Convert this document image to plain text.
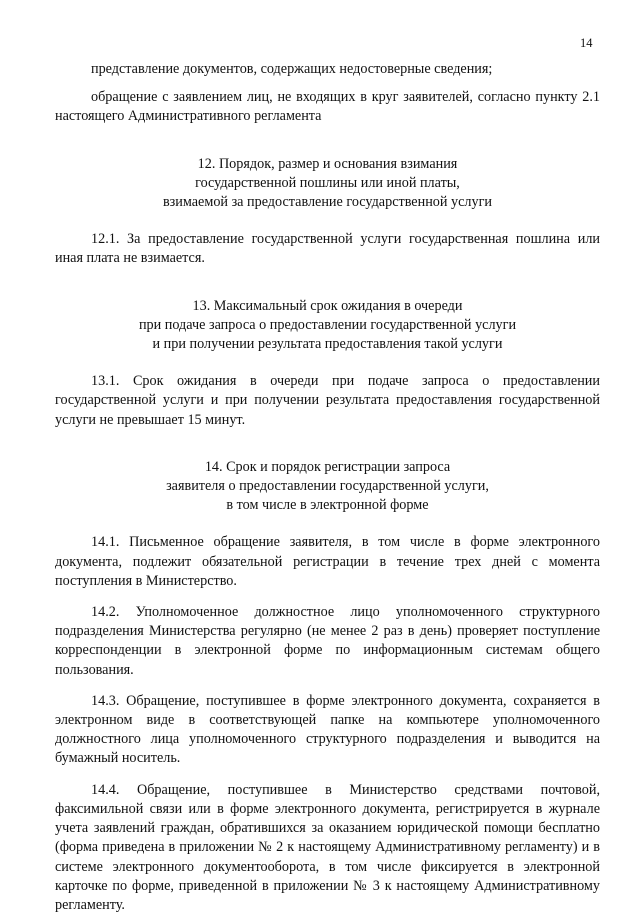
14

представление документов, содержащих недостоверные сведения;

обращение с заявлением лиц, не входящих в круг заявителей, согласно пункту 2.1 настоящего Административного регламента

12. Порядок, размер и основания взимания
государственной пошлины или иной платы,
взимаемой за предоставление государственной услуги

12.1. За предоставление государственной услуги государственная пошлина или иная плата не взимается.

13. Максимальный срок ожидания в очереди
при подаче запроса о предоставлении государственной услуги
и при получении результата предоставления такой услуги

13.1. Срок ожидания в очереди при подаче запроса о предоставлении государственной услуги и при получении результата предоставления государственной услуги не превышает 15 минут.

14. Срок и порядок регистрации запроса
заявителя о предоставлении государственной услуги,
в том числе в электронной форме

14.1. Письменное обращение заявителя, в том числе в форме электронного документа, подлежит обязательной регистрации в течение трех дней с момента поступления в Министерство.

14.2. Уполномоченное должностное лицо уполномоченного структурного подразделения Министерства регулярно (не менее 2 раз в день) проверяет поступление корреспонденции в электронной форме по информационным системам общего пользования.

14.3. Обращение, поступившее в форме электронного документа, сохраняется в электронном виде в соответствующей папке на компьютере уполномоченного должностного лица уполномоченного структурного подразделения и выводится на бумажный носитель.

14.4. Обращение, поступившее в Министерство средствами почтовой, факсимильной связи или в форме электронного документа, регистрируется в журнале учета заявлений граждан, обратившихся за оказанием юридической помощи бесплатно (форма приведена в приложении № 2 к настоящему Административному регламенту) и в системе электронного документооборота, в том числе фиксируется в электронной карточке по форме, приведенной в приложении № 3 к настоящему Административному регламенту.
